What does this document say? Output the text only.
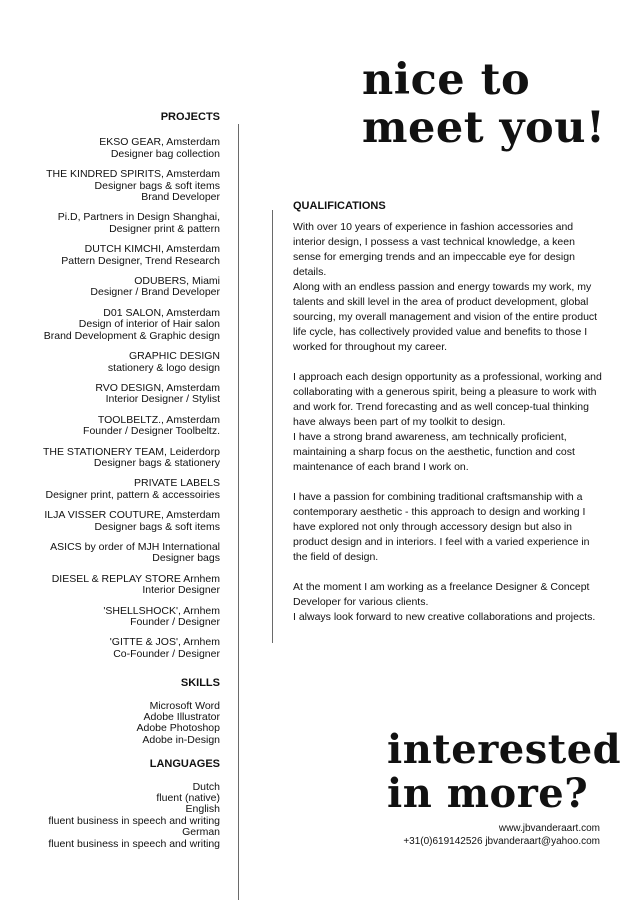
nice to
meet you!
PROJECTS
EKSO GEAR, Amsterdam
Designer bag collection
THE KINDRED SPIRITS, Amsterdam
Designer bags & soft items
Brand Developer
Pi.D, Partners in Design Shanghai,
Designer print & pattern
DUTCH KIMCHI, Amsterdam
Pattern Designer, Trend Research
ODUBERS, Miami
Designer / Brand Developer
D01 SALON, Amsterdam
Design of interior of Hair salon
Brand Development & Graphic design
GRAPHIC DESIGN
stationery & logo design
RVO DESIGN, Amsterdam
Interior Designer / Stylist
TOOLBELTZ., Amsterdam
Founder / Designer Toolbeltz.
THE STATIONERY TEAM, Leiderdorp
Designer bags & stationery
PRIVATE LABELS
Designer print, pattern & accessoiries
ILJA VISSER COUTURE, Amsterdam
Designer bags & soft items
ASICS by order of MJH International
Designer bags
DIESEL & REPLAY STORE Arnhem
Interior Designer
'SHELLSHOCK', Arnhem
Founder / Designer
'GITTE & JOS', Arnhem
Co-Founder / Designer
SKILLS
Microsoft Word
Adobe Illustrator
Adobe Photoshop
Adobe in-Design
LANGUAGES
Dutch
fluent (native)
English
fluent business in speech and writing
German
fluent business in speech and writing
QUALIFICATIONS

With over 10 years of experience in fashion accessories and interior design, I possess a vast technical knowledge, a keen sense for emerging trends and an impeccable eye for design details.
Along with an endless passion and energy towards my work, my talents and skill level in the area of product development, global sourcing, my overall management and vision of the entire product life cycle, has collectively provided value and benefits to those I worked for throughout my career.

I approach each design opportunity as a professional, working and collaborating with a generous spirit, being a pleasure to work with and work for. Trend forecasting and as well concep-tual thinking have always been part of my toolkit to design.
I have a strong brand awareness, am technically proficient, maintaining a sharp focus on the aesthetic, function and cost maintenance of each brand I work on.

I have a passion for combining traditional craftsmanship with a contemporary aesthetic - this approach to design and working I have explored not only through accessory design but also in product design and in interiors. I feel with a varied experience in the field of design.

At the moment I am working as a freelance Designer & Concept Developer for various clients.
I always look forward to new creative collaborations and projects.

interested
in more?
www.jbvanderaart.com
+31(0)619142526 jbvanderaart@yahoo.com
